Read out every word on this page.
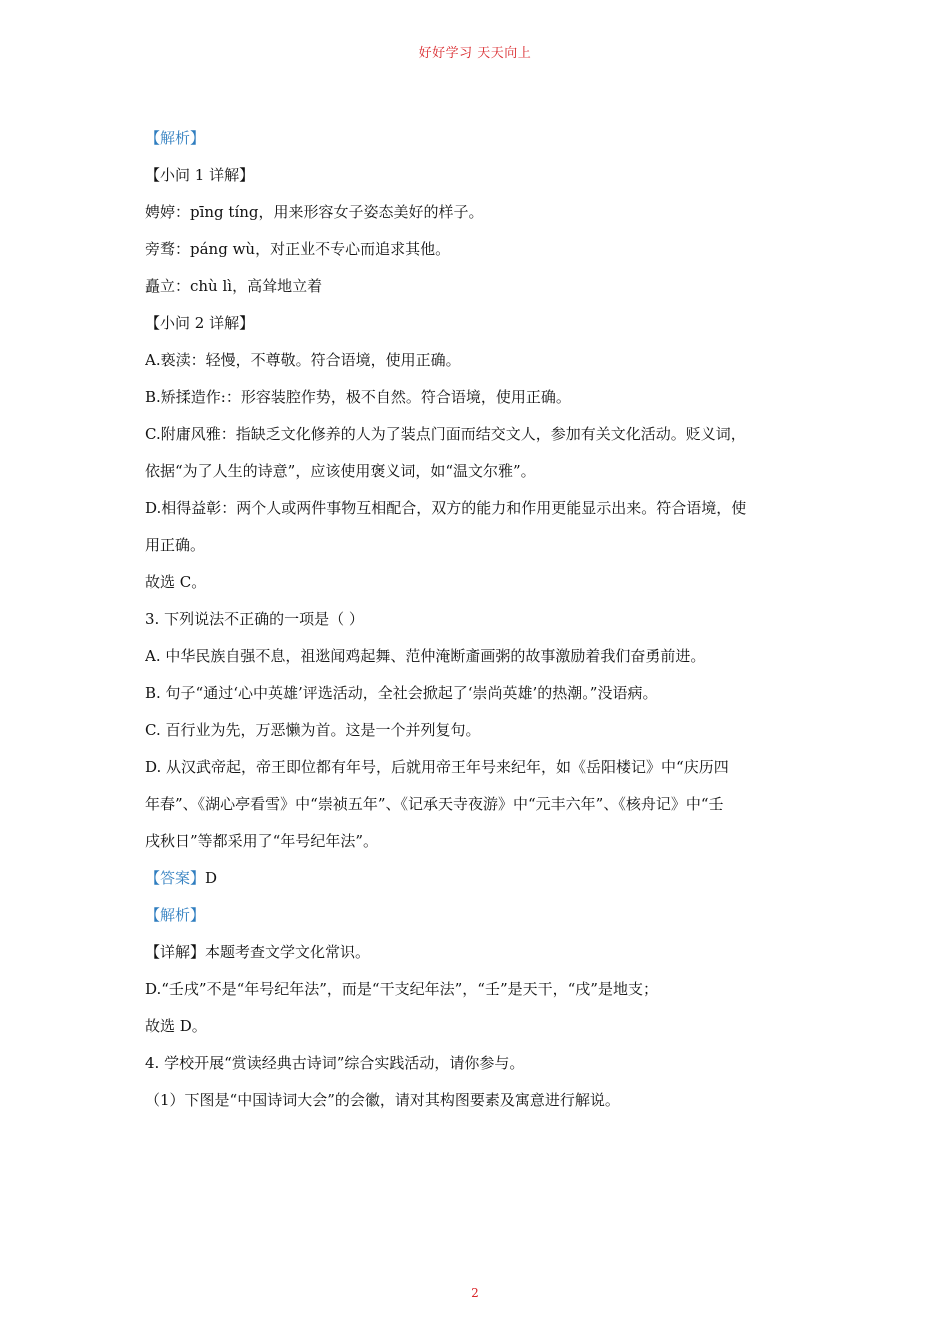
好好学习 天天向上
【解析】
【小问 1 详解】
娉婷：pīng tíng，用来形容女子姿态美好的样子。
旁骛：páng wù，对正业不专心而追求其他。
矗立：chù lì，高耸地立着
【小问 2 详解】
A.亵渎：轻慢，不尊敬。符合语境，使用正确。
B.矫揉造作:：形容装腔作势，极不自然。符合语境，使用正确。
C.附庸风雅：指缺乏文化修养的人为了装点门面而结交文人，参加有关文化活动。贬义词，
依据“为了人生的诗意”，应该使用褒义词，如“温文尔雅”。
D.相得益彰：两个人或两件事物互相配合，双方的能力和作用更能显示出来。符合语境，使
用正确。
故选 C。
3. 下列说法不正确的一项是（ ）
A. 中华民族自强不息，祖逖闻鸡起舞、范仲淹断齑画粥的故事激励着我们奋勇前进。
B. 句子“通过‘心中英雄’评选活动，全社会掀起了‘崇尚英雄’的热潮。”没语病。
C. 百行业为先，万恶懒为首。这是一个并列复句。
D. 从汉武帝起，帝王即位都有年号，后就用帝王年号来纪年，如《岳阳楼记》中“庆历四
年春”、《湖心亭看雪》中“崇祯五年”、《记承天寺夜游》中“元丰六年”、《核舟记》中“壬
戌秋日”等都采用了“年号纪年法”。
【答案】D
【解析】
【详解】本题考查文学文化常识。
D.“壬戌”不是“年号纪年法”，而是“干支纪年法”，“壬”是天干，“戌”是地支；
故选 D。
4. 学校开展“赏读经典古诗词”综合实践活动，请你参与。
（1）下图是“中国诗词大会”的会徽，请对其构图要素及寓意进行解说。
2
